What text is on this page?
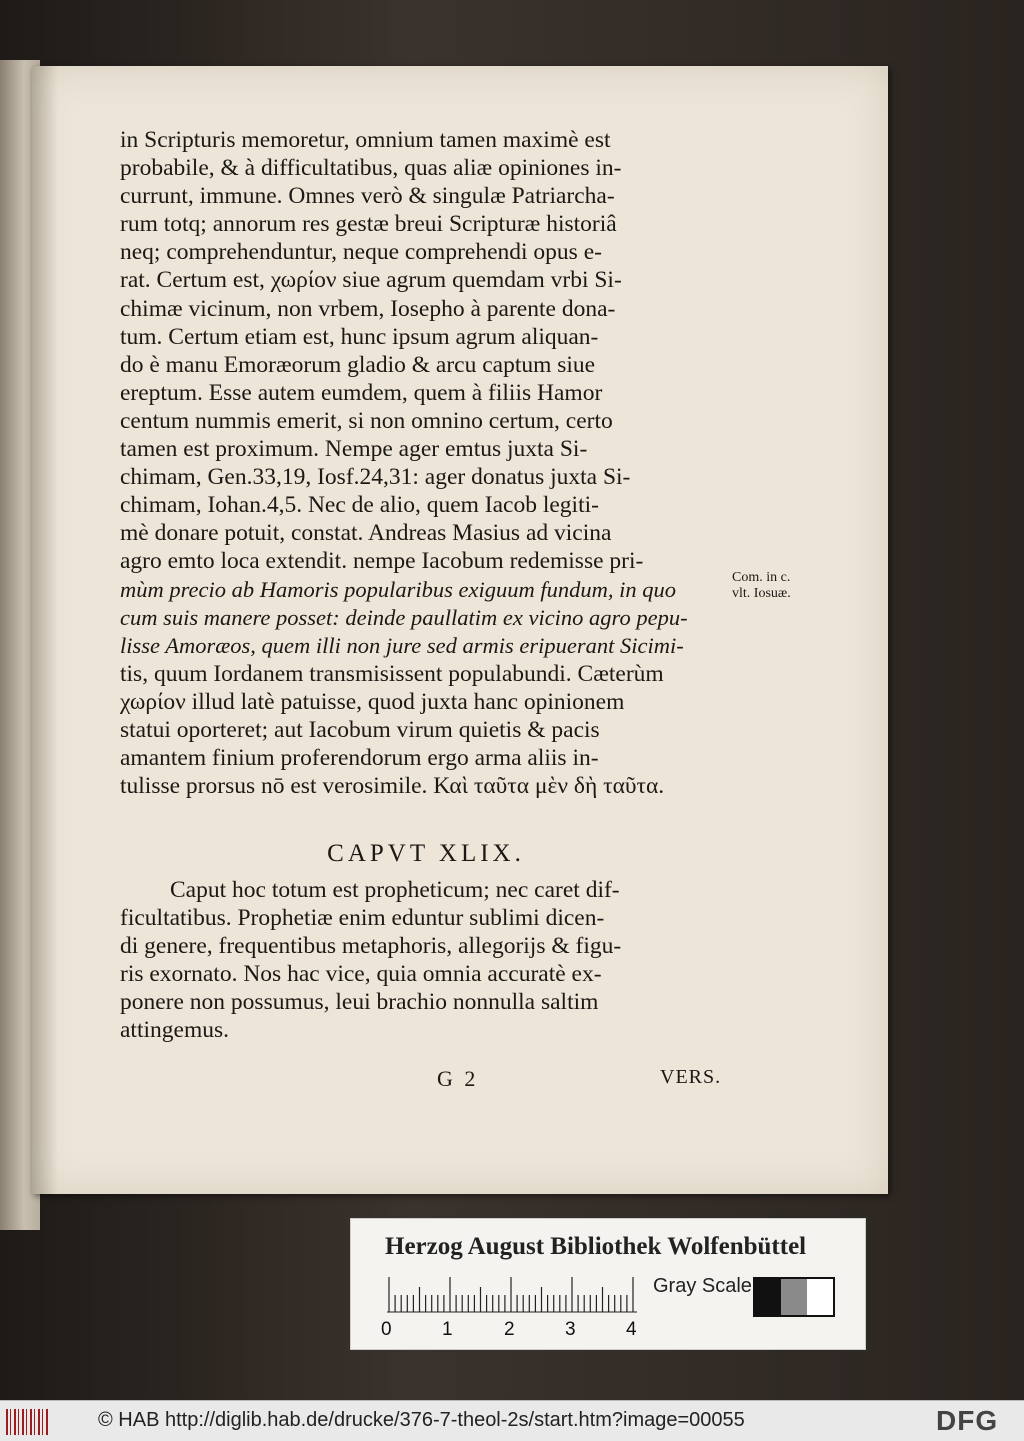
in Scripturis memoretur, omnium tamen maximè est
probabile, & à difficultatibus, quas aliæ opiniones in-
currunt, immune. Omnes verò & singulæ Patriarcha-
rum totq; annorum res gestæ breui Scripturæ historiâ
neq; comprehenduntur, neque comprehendi opus e-
rat. Certum est, χωρίον siue agrum quemdam vrbi Si-
chimæ vicinum, non vrbem, Iosepho à parente dona-
tum. Certum etiam est, hunc ipsum agrum aliquan-
do è manu Emoræorum gladio & arcu captum siue
ereptum. Esse autem eumdem, quem à filiis Hamor
centum nummis emerit, si non omnino certum, certo
tamen est proximum. Nempe ager emtus juxta Si-
chimam, Gen.33,19, Iosf.24,31: ager donatus juxta Si-
chimam, Iohan.4,5. Nec de alio, quem Iacob legiti-
mè donare potuit, constat. Andreas Masius ad vicina
agro emto loca extendit. nempe Iacobum redemisse pri-
mùm precio ab Hamoris popularibus exiguum fundum, in quo
cum suis manere posset: deinde paullatim ex vicino agro pepu-
lisse Amoræos, quem illi non jure sed armis eripuerant Sicimi-
tis, quum Iordanem transmisissent populabundi. Cæterùm
χωρίον illud latè patuisse, quod juxta hanc opinionem
statui oporteret; aut Iacobum virum quietis & pacis
amantem finium proferendorum ergo arma aliis in-
tulisse prorsus nō est verosimile. Καὶ ταῦτα μὲν δὴ ταῦτα.
Com. in c.
vlt. Iosuæ.
CAPVT XLIX.
Caput hoc totum est propheticum; nec caret dif-
ficultatibus. Prophetiæ enim eduntur sublimi dicen-
di genere, frequentibus metaphoris, allegorijs & figu-
ris exornato. Nos hac vice, quia omnia accuratè ex-
ponere non possumus, leui brachio nonnulla saltim
attingemus.
G 2	VERS.
Herzog August Bibliothek Wolfenbüttel
0	1	2	3	4
Gray Scale
© HAB http://diglib.hab.de/drucke/376-7-theol-2s/start.htm?image=00055	DFG
